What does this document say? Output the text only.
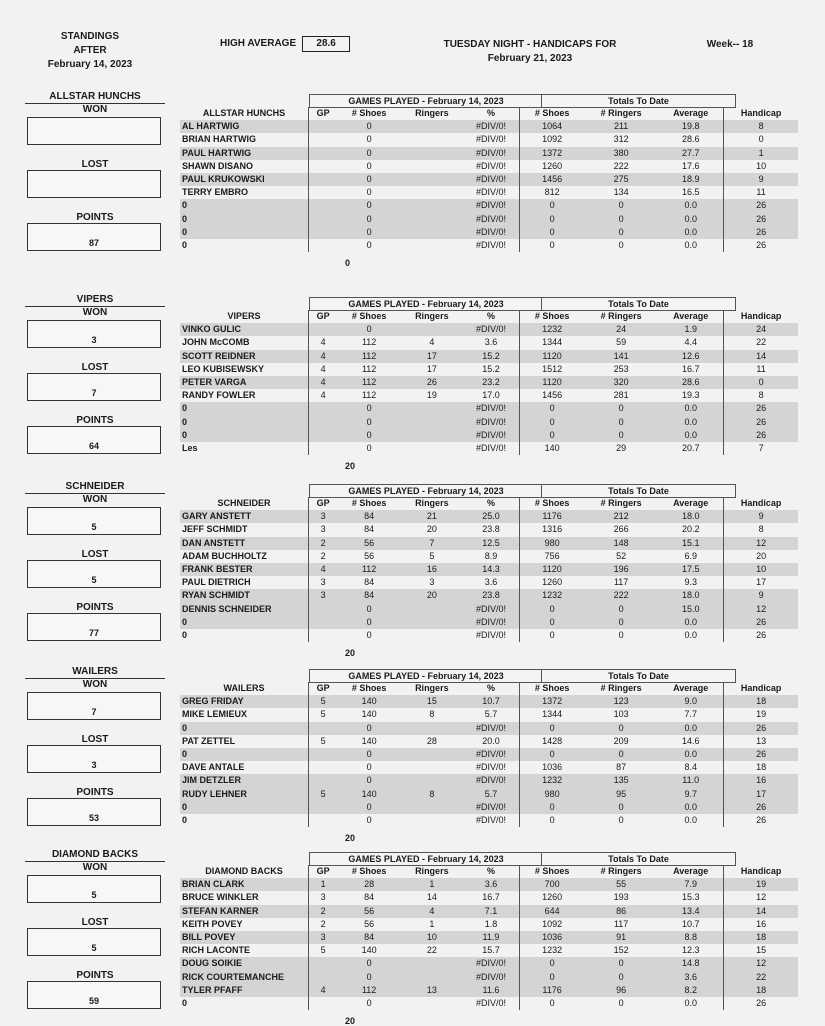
STANDINGS
AFTER
February 14, 2023
HIGH AVERAGE	28.6	TUESDAY NIGHT - HANDICAPS FOR
February 21, 2023
Week-- 18
ALLSTAR HUNCHS
WON
LOST
POINTS
87
GAMES PLAYED - February 14, 2023	Totals To Date
ALLSTAR HUNCHS	GP	# Shoes	Ringers	%	# Shoes	# Ringers	Average	Handicap
AL HARTWIG		0		#DIV/0!	1064	211	19.8	8
BRIAN HARTWIG		0		#DIV/0!	1092	312	28.6	0
PAUL HARTWIG		0		#DIV/0!	1372	380	27.7	1
SHAWN DISANO		0		#DIV/0!	1260	222	17.6	10
PAUL KRUKOWSKI		0		#DIV/0!	1456	275	18.9	9
TERRY EMBRO		0		#DIV/0!	812	134	16.5	11
0		0		#DIV/0!	0	0	0.0	26
0		0		#DIV/0!	0	0	0.0	26
0		0		#DIV/0!	0	0	0.0	26
0		0		#DIV/0!	0	0	0.0	26
0
VIPERS
WON
3
LOST
7
POINTS
64
GAMES PLAYED - February 14, 2023	Totals To Date
VIPERS	GP	# Shoes	Ringers	%	# Shoes	# Ringers	Average	Handicap
VINKO GULIC		0		#DIV/0!	1232	24	1.9	24
JOHN McCOMB	4	112	4	3.6	1344	59	4.4	22
SCOTT REIDNER	4	112	17	15.2	1120	141	12.6	14
LEO KUBISEWSKY	4	112	17	15.2	1512	253	16.7	11
PETER VARGA	4	112	26	23.2	1120	320	28.6	0
RANDY FOWLER	4	112	19	17.0	1456	281	19.3	8
0		0		#DIV/0!	0	0	0.0	26
0		0		#DIV/0!	0	0	0.0	26
0		0		#DIV/0!	0	0	0.0	26
Les		0		#DIV/0!	140	29	20.7	7
20
SCHNEIDER
WON
5
LOST
5
POINTS
77
GAMES PLAYED - February 14, 2023	Totals To Date
SCHNEIDER	GP	# Shoes	Ringers	%	# Shoes	# Ringers	Average	Handicap
GARY ANSTETT	3	84	21	25.0	1176	212	18.0	9
JEFF SCHMIDT	3	84	20	23.8	1316	266	20.2	8
DAN ANSTETT	2	56	7	12.5	980	148	15.1	12
ADAM BUCHHOLTZ	2	56	5	8.9	756	52	6.9	20
FRANK BESTER	4	112	16	14.3	1120	196	17.5	10
PAUL DIETRICH	3	84	3	3.6	1260	117	9.3	17
RYAN SCHMIDT	3	84	20	23.8	1232	222	18.0	9
DENNIS SCHNEIDER		0		#DIV/0!	0	0	15.0	12
0		0		#DIV/0!	0	0	0.0	26
0		0		#DIV/0!	0	0	0.0	26
20
WAILERS
WON
7
LOST
3
POINTS
53
GAMES PLAYED - February 14, 2023	Totals To Date
WAILERS	GP	# Shoes	Ringers	%	# Shoes	# Ringers	Average	Handicap
GREG FRIDAY	5	140	15	10.7	1372	123	9.0	18
MIKE LEMIEUX	5	140	8	5.7	1344	103	7.7	19
0		0		#DIV/0!	0	0	0.0	26
PAT ZETTEL	5	140	28	20.0	1428	209	14.6	13
0		0		#DIV/0!	0	0	0.0	26
DAVE ANTALE		0		#DIV/0!	1036	87	8.4	18
JIM DETZLER		0		#DIV/0!	1232	135	11.0	16
RUDY LEHNER	5	140	8	5.7	980	95	9.7	17
0		0		#DIV/0!	0	0	0.0	26
0		0		#DIV/0!	0	0	0.0	26
20
DIAMOND BACKS
WON
5
LOST
5
POINTS
59
GAMES PLAYED - February 14, 2023	Totals To Date
DIAMOND BACKS	GP	# Shoes	Ringers	%	# Shoes	# Ringers	Average	Handicap
BRIAN CLARK	1	28	1	3.6	700	55	7.9	19
BRUCE WINKLER	3	84	14	16.7	1260	193	15.3	12
STEFAN KARNER	2	56	4	7.1	644	86	13.4	14
KEITH POVEY	2	56	1	1.8	1092	117	10.7	16
BILL POVEY	3	84	10	11.9	1036	91	8.8	18
RICH LACONTE	5	140	22	15.7	1232	152	12.3	15
DOUG SOIKIE		0		#DIV/0!	0	0	14.8	12
RICK COURTEMANCHE		0		#DIV/0!	0	0	3.6	22
TYLER PFAFF	4	112	13	11.6	1176	96	8.2	18
0		0		#DIV/0!	0	0	0.0	26
20
